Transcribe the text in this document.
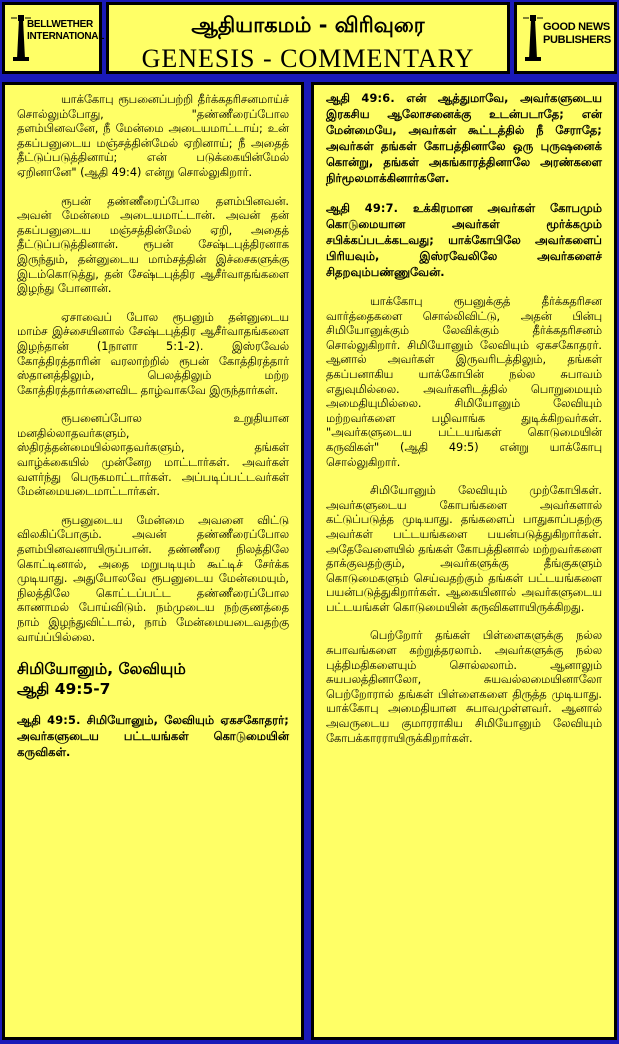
BELLWETHER
INTERNATIONAL	ஆதியாகமம் - விரிவுரை
GENESIS - COMMENTARY
GOOD NEWS
PUBLISHERS

யாக்கோபு ரூபனைப்பற்றி தீர்க்கதரிசனமாய்ச் சொல்லும்போது, "தண்ணீரைப்போல தளம்பினவனே, நீ மேன்மை அடையமாட்டாய்; உன் தகப்பனுடைய மஞ்சத்தின்மேல் ஏறினாய்; நீ அதைத் தீட்டுப்படுத்தினாய்; என் படுக்கையின்மேல் ஏறினானே" (ஆதி 49:4) என்று சொல்லுகிறார்.

ரூபன் தண்ணீரைப்போல தளம்பினவன். அவன் மேன்மை அடையமாட்டான். அவன் தன் தகப்பனுடைய மஞ்சத்தின்மேல் ஏறி, அதைத் தீட்டுப்படுத்தினான். ரூபன் சேஷ்டபுத்திரனாக இருந்தும், தன்னுடைய மாம்சத்தின் இச்சைகளுக்கு இடம்கொடுத்து, தன் சேஷ்டபுத்திர ஆசீர்வாதங்களை இழந்து போனான்.

ஏசாவைப் போல ரூபனும் தன்னுடைய மாம்ச இச்சையினால் சேஷ்டபுத்திர ஆசீர்வாதங்களை இழந்தான் (1நாளா 5:1-2). இஸ்ரவேல் கோத்திரத்தாரின் வரலாற்றில் ரூபன் கோத்திரத்தார் ஸ்தானத்திலும், பெலத்திலும் மற்ற கோத்திரத்தார்களைவிட தாழ்வாகவே இருந்தார்கள்.

ரூபனைப்போல உறுதியான மனதில்லாதவர்களும், ஸ்திரத்தன்மையில்லாதவர்களும், தங்கள் வாழ்க்கையில் முன்னேற மாட்டார்கள். அவர்கள் வளர்ந்து பெருகமாட்டார்கள். அப்படிப்பட்டவர்கள் மேன்மையடைமாட்டார்கள்.

ரூபனுடைய மேன்மை அவனை விட்டு விலகிப்போகும். அவன் தண்ணீரைப்போல தளம்பினவனாயிருப்பான். தண்ணீரை நிலத்திலே கொட்டினால், அதை மறுபடியும் கூட்டிச் சேர்க்க முடியாது. அதுபோலவே ரூபனுடைய மேன்மையும், நிலத்திலே கொட்டப்பட்ட தண்ணீரைப்போல காணாமல் போய்விடும். நம்முடைய நற்குணத்தை நாம் இழந்துவிட்டால், நாம் மேன்மையடைவதற்கு வாய்ப்பில்லை.

சிமியோனும், லேவியும்
ஆதி 49:5-7

ஆதி 49:5. சிமியோனும், லேவியும் ஏகசகோதரர்; அவர்களுடைய பட்டயங்கள் கொடுமையின் கருவிகள்.

ஆதி 49:6. என் ஆத்துமாவே, அவர்களுடைய இரகசிய ஆலோசனைக்கு உடன்படாதே; என் மேன்மையே, அவர்கள் கூட்டத்தில் நீ சேராதே; அவர்கள் தங்கள் கோபத்தினாலே ஒரு புருஷனைக் கொன்று, தங்கள் அகங்காரத்தினாலே அரண்களை நிர்மூலமாக்கினார்களே.

ஆதி 49:7. உக்கிரமான அவர்கள் கோபமும் கொடுமையான அவர்கள் மூர்க்கமும் சபிக்கப்படக்கடவது; யாக்கோபிலே அவர்களைப் பிரியவும், இஸ்ரவேலிலே அவர்களைச் சிதறவும்பண்ணுவேன்.

யாக்கோபு ரூபனுக்குத் தீர்க்கதரிசன வார்த்தைகளை சொல்லிவிட்டு, அதன் பின்பு சிமியோனுக்கும் லேவிக்கும் தீர்க்கதரிசனம் சொல்லுகிறார். சிமியோனும் லேவியும் ஏகசகோதரர். ஆனால் அவர்கள் இருவரிடத்திலும், தங்கள் தகப்பனாகிய யாக்கோபின் நல்ல சுபாவம் எதுவுமில்லை. அவர்களிடத்தில் பொறுமையும் அமைதியுமில்லை. சிமியோனும் லேவியும் மற்றவர்களை பழிவாங்க துடிக்கிறவர்கள். "அவர்களுடைய பட்டயங்கள் கொடுமையின் கருவிகள்" (ஆதி 49:5) என்று யாக்கோபு சொல்லுகிறார்.

சிமியோனும் லேவியும் முற்கோபிகள். அவர்களுடைய கோபங்களை அவர்களால் கட்டுப்படுத்த முடியாது. தங்களைப் பாதுகாப்பதற்கு அவர்கள் பட்டயங்களை பயன்படுத்துகிறார்கள். அதேவேளையில் தங்கள் கோபத்தினால் மற்றவர்களை தாக்குவதற்கும், அவர்களுக்கு தீங்குகளும் கொடுமைகளும் செய்வதற்கும் தங்கள் பட்டயங்களை பயன்படுத்துகிறார்கள். ஆகையினால் அவர்களுடைய பட்டயங்கள் கொடுமையின் கருவிகளாயிருக்கிறது.

பெற்றோர் தங்கள் பிள்ளைகளுக்கு நல்ல சுபாவங்களை கற்றுத்தரலாம். அவர்களுக்கு நல்ல புத்திமதிகளையும் சொல்லலாம். ஆனாலும் சுயபலத்தினாலோ, சுயவல்லமையினாலோ பெற்றோரால் தங்கள் பிள்ளைகளை திருத்த முடியாது. யாக்கோபு அமைதியான சுபாவமுள்ளவர். ஆனால் அவருடைய குமாரராகிய சிமியோனும் லேவியும் கோபக்காரராயிருக்கிறார்கள்.
